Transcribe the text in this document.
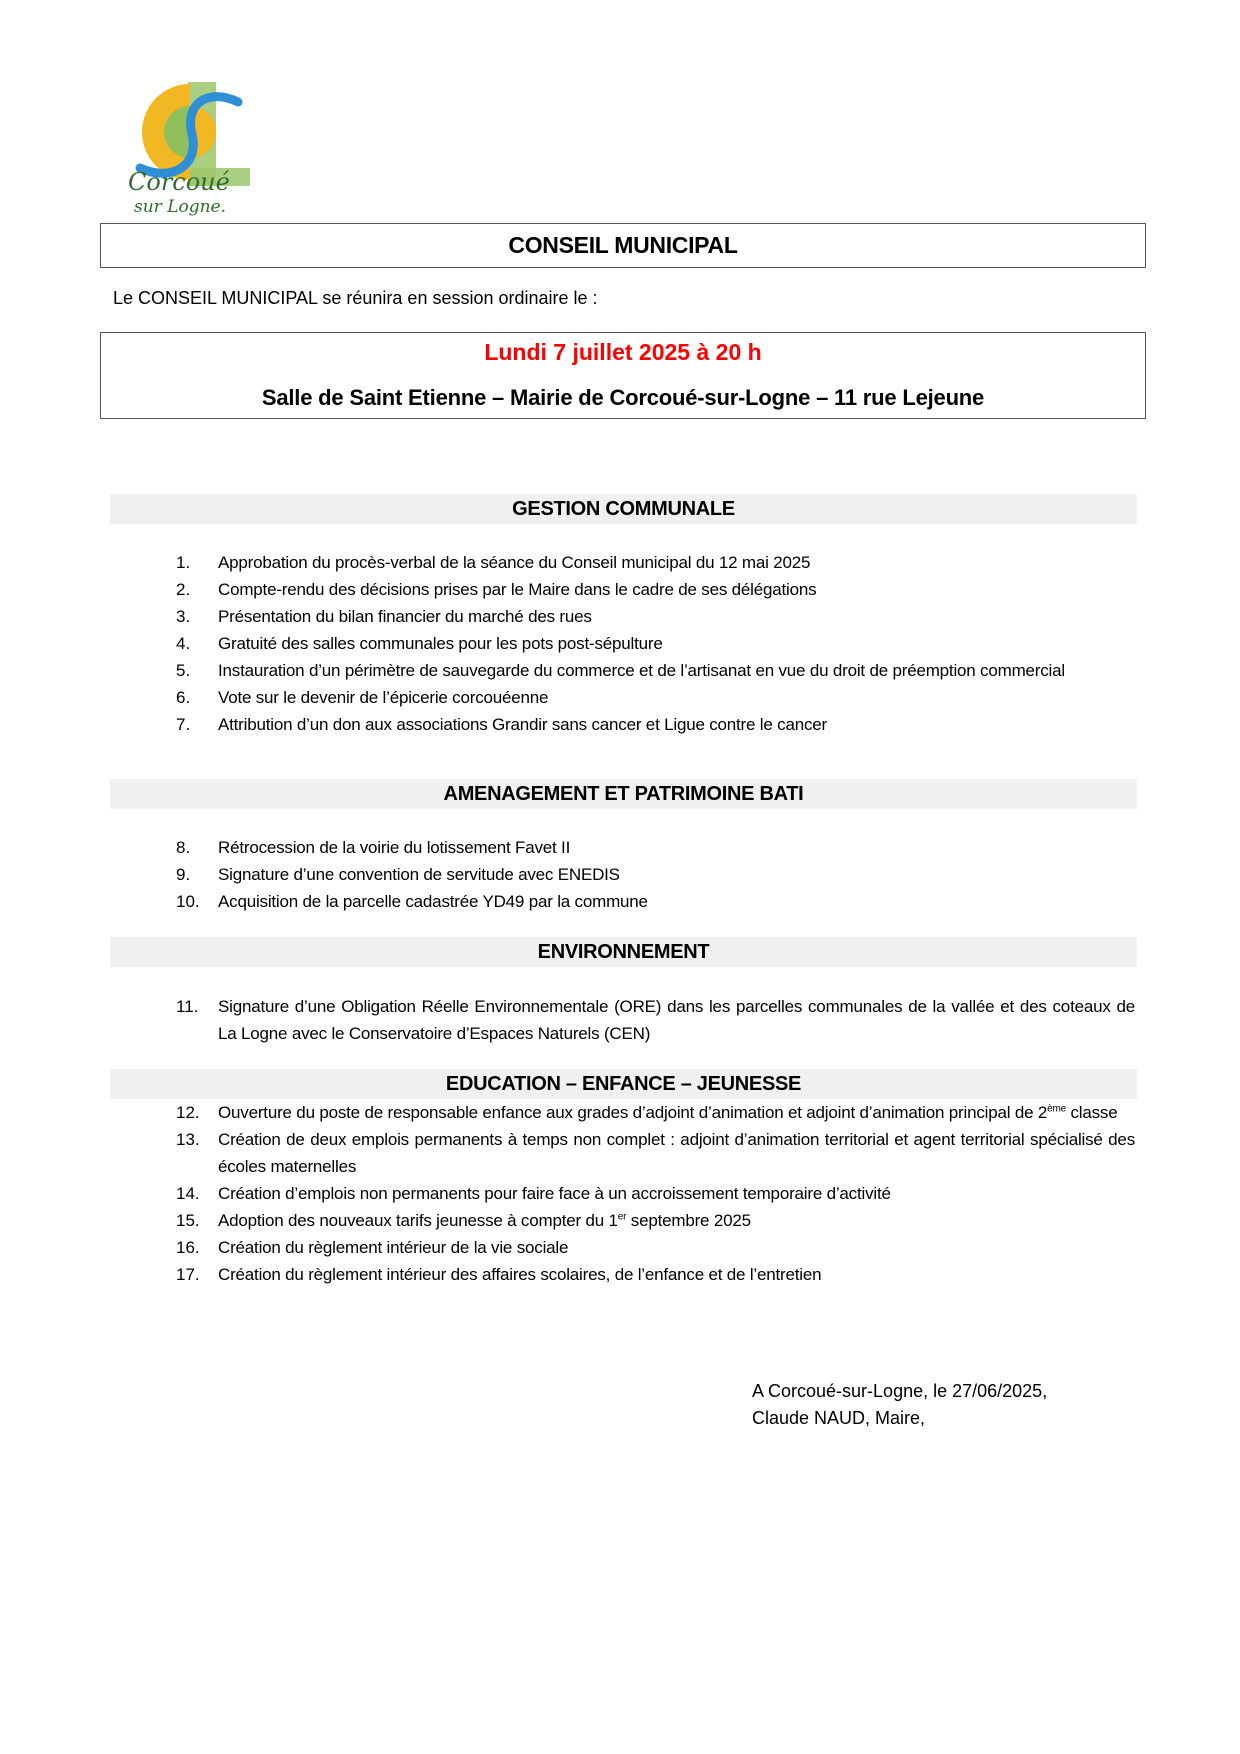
Corcoué
sur Logne.
CONSEIL MUNICIPAL
Le CONSEIL MUNICIPAL se réunira en session ordinaire le :
Lundi 7 juillet 2025 à 20 h
Salle de Saint Etienne – Mairie de Corcoué-sur-Logne – 11 rue Lejeune
GESTION COMMUNALE
1.	Approbation du procès-verbal de la séance du Conseil municipal du 12 mai 2025
2.	Compte-rendu des décisions prises par le Maire dans le cadre de ses délégations
3.	Présentation du bilan financier du marché des rues
4.	Gratuité des salles communales pour les pots post-sépulture
5.	Instauration d’un périmètre de sauvegarde du commerce et de l’artisanat en vue du droit de préemption commercial
6.	Vote sur le devenir de l’épicerie corcouéenne
7.	Attribution d’un don aux associations Grandir sans cancer et Ligue contre le cancer
AMENAGEMENT ET PATRIMOINE BATI
8.	Rétrocession de la voirie du lotissement Favet II
9.	Signature d’une convention de servitude avec ENEDIS
10.	Acquisition de la parcelle cadastrée YD49 par la commune
ENVIRONNEMENT
11.	Signature d’une Obligation Réelle Environnementale (ORE) dans les parcelles communales de la vallée et des coteaux de La Logne avec le Conservatoire d’Espaces Naturels (CEN)
EDUCATION – ENFANCE – JEUNESSE
12.	Ouverture du poste de responsable enfance aux grades d’adjoint d’animation et adjoint d’animation principal de 2ème classe
13.	Création de deux emplois permanents à temps non complet : adjoint d’animation territorial et agent territorial spécialisé des écoles maternelles
14.	Création d’emplois non permanents pour faire face à un accroissement temporaire d’activité
15.	Adoption des nouveaux tarifs jeunesse à compter du 1er septembre 2025
16.	Création du règlement intérieur de la vie sociale
17.	Création du règlement intérieur des affaires scolaires, de l’enfance et de l’entretien
A Corcoué-sur-Logne, le 27/06/2025,
Claude NAUD, Maire,
